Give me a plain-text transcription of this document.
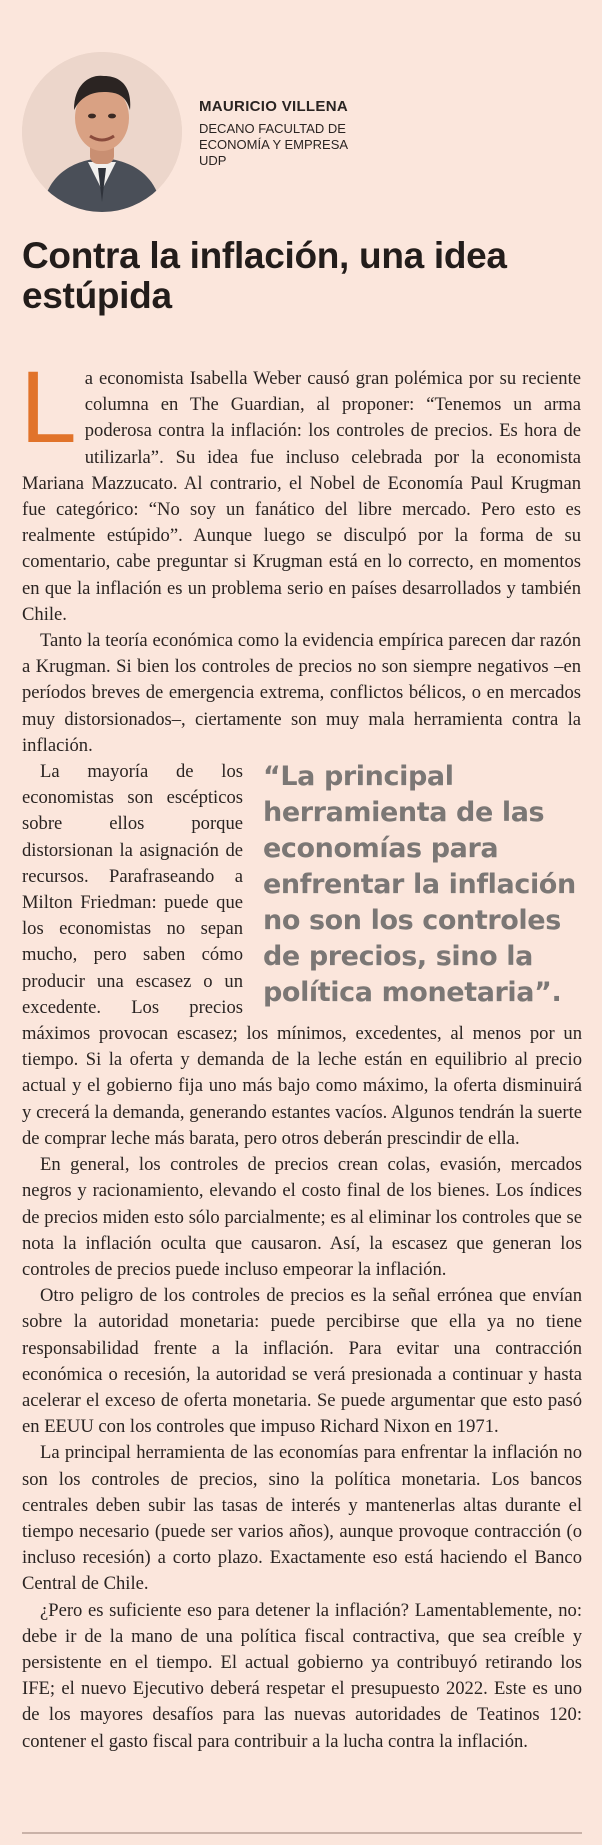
MAURICIO VILLENA
DECANO FACULTAD DE
ECONOMÍA Y EMPRESA
UDP
Contra la inflación, una idea estúpida

La economista Isabella Weber causó gran polémica por su reciente columna en The Guardian, al proponer: “Tenemos un arma poderosa contra la inflación: los controles de precios. Es hora de utilizarla”. Su idea fue incluso celebrada por la economista Mariana Mazzucato. Al contrario, el Nobel de Economía Paul Krugman fue categórico: “No soy un fanático del libre mercado. Pero esto es realmente estúpido”. Aunque luego se disculpó por la forma de su comentario, cabe preguntar si Krugman está en lo correcto, en momentos en que la inflación es un problema serio en países desarrollados y también Chile.

Tanto la teoría económica como la evidencia empírica parecen dar razón a Krugman. Si bien los controles de precios no son siempre negativos –en períodos breves de emergencia extrema, conflictos bélicos, o en mercados muy distorsionados–, ciertamente son muy mala herramienta contra la inflación.

“La principal herramienta de las economías para enfrentar la inflación no son los controles de precios, sino la política monetaria”.
La mayoría de los economistas son escépticos sobre ellos porque distorsionan la asignación de recursos. Parafraseando a Milton Friedman: puede que los economistas no sepan mucho, pero saben cómo producir una escasez o un excedente. Los precios máximos provocan escasez; los mínimos, excedentes, al menos por un tiempo. Si la oferta y demanda de la leche están en equilibrio al precio actual y el gobierno fija uno más bajo como máximo, la oferta disminuirá y crecerá la demanda, generando estantes vacíos. Algunos tendrán la suerte de comprar leche más barata, pero otros deberán prescindir de ella.

En general, los controles de precios crean colas, evasión, mercados negros y racionamiento, elevando el costo final de los bienes. Los índices de precios miden esto sólo parcialmente; es al eliminar los controles que se nota la inflación oculta que causaron. Así, la escasez que generan los controles de precios puede incluso empeorar la inflación.

Otro peligro de los controles de precios es la señal errónea que envían sobre la autoridad monetaria: puede percibirse que ella ya no tiene responsabilidad frente a la inflación. Para evitar una contracción económica o recesión, la autoridad se verá presionada a continuar y hasta acelerar el exceso de oferta monetaria. Se puede argumentar que esto pasó en EEUU con los controles que impuso Richard Nixon en 1971.

La principal herramienta de las economías para enfrentar la inflación no son los controles de precios, sino la política monetaria. Los bancos centrales deben subir las tasas de interés y mantenerlas altas durante el tiempo necesario (puede ser varios años), aunque provoque contracción (o incluso recesión) a corto plazo. Exactamente eso está haciendo el Banco Central de Chile.

¿Pero es suficiente eso para detener la inflación? Lamentablemente, no: debe ir de la mano de una política fiscal contractiva, que sea creíble y persistente en el tiempo. El actual gobierno ya contribuyó retirando los IFE; el nuevo Ejecutivo deberá respetar el presupuesto 2022. Este es uno de los mayores desafíos para las nuevas autoridades de Teatinos 120: contener el gasto fiscal para contribuir a la lucha contra la inflación.
